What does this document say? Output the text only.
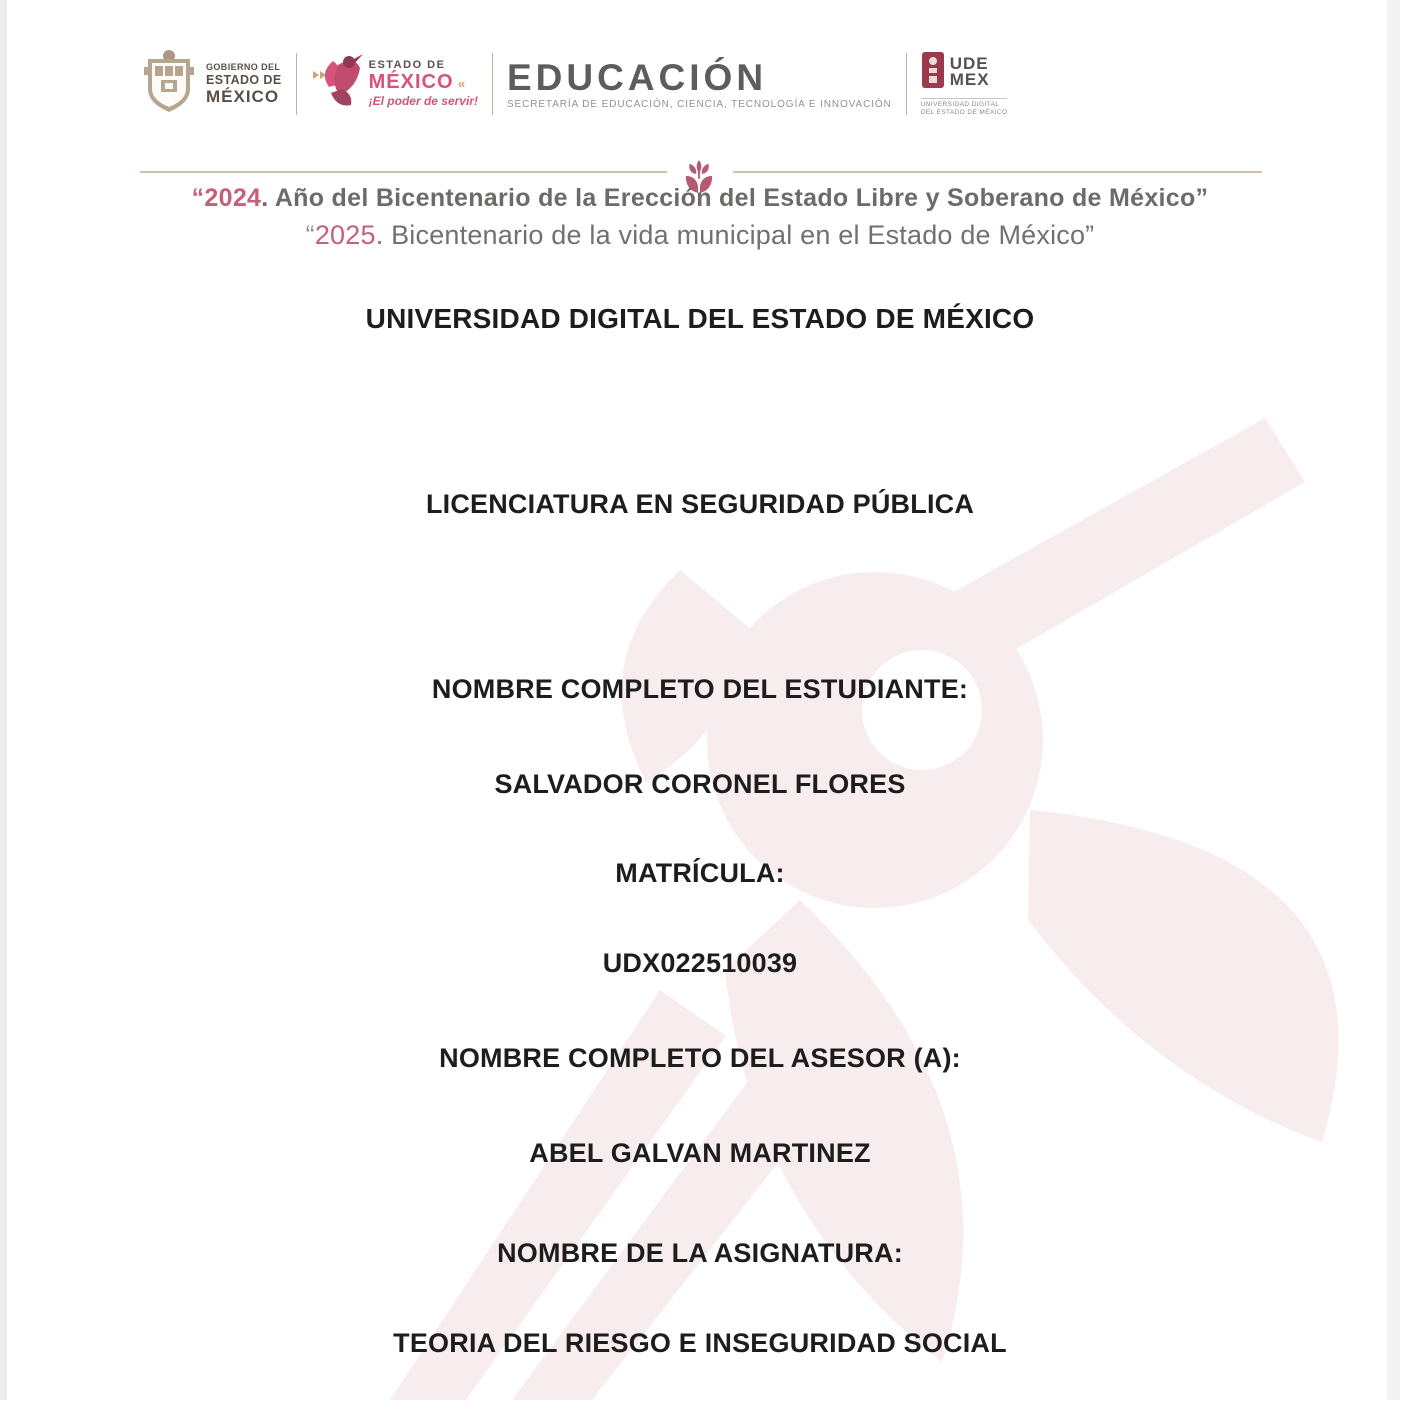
GOBIERNO DEL
ESTADO DE
MÉXICO
ESTADO DE
MÉXICO «
¡El poder de servir!
EDUCACIÓN
SECRETARÍA DE EDUCACIÓN, CIENCIA, TECNOLOGÍA E INNOVACIÓN
UDE
MEX
UNIVERSIDAD DIGITAL
DEL ESTADO DE MÉXICO
“2024. Año del Bicentenario de la Erección del Estado Libre y Soberano de México”
“2025. Bicentenario de la vida municipal en el Estado de México”
UNIVERSIDAD DIGITAL DEL ESTADO DE MÉXICO
LICENCIATURA EN SEGURIDAD PÚBLICA
NOMBRE COMPLETO DEL ESTUDIANTE:
SALVADOR CORONEL FLORES
MATRÍCULA:
UDX022510039
NOMBRE COMPLETO DEL ASESOR (A):
ABEL GALVAN MARTINEZ
NOMBRE DE LA ASIGNATURA:
TEORIA DEL RIESGO E INSEGURIDAD SOCIAL
